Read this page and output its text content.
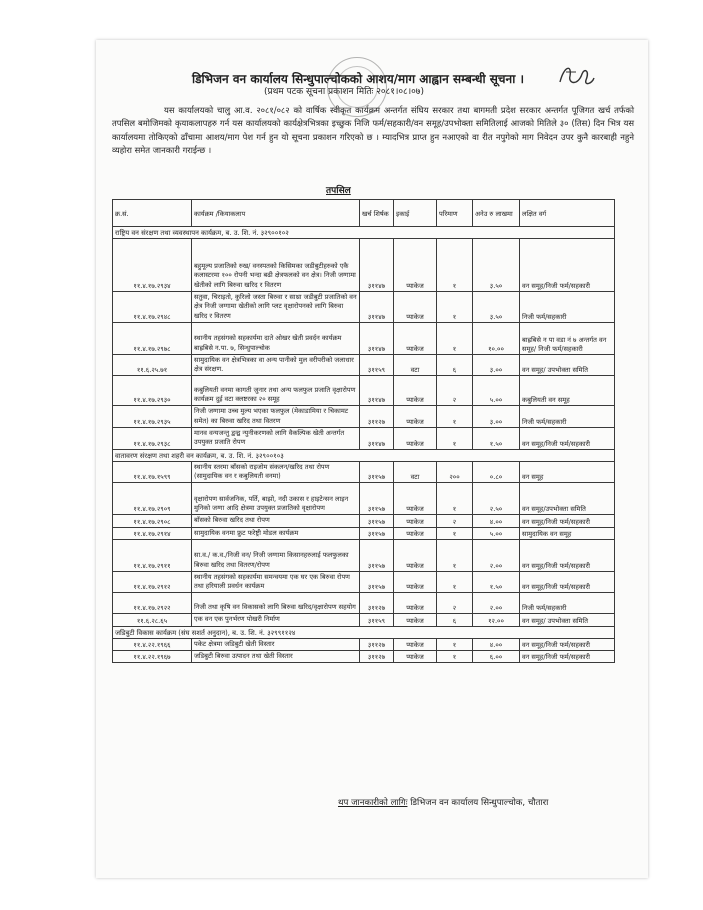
डिभिजन वन कार्यालय सिन्धुपाल्चोकको आशय/माग आह्वान सम्बन्धी सूचना ।
(प्रथम पटक सूचना प्रकाशन मितिः २०८१।०८।०७)
यस कार्यालयको चालु आ.व. २०८१/०८२ को वार्षिक स्वीकृत कार्यक्रम अन्तर्गत संघिय सरकार तथा बागमती प्रदेश सरकार अन्तर्गत पूजिगत खर्च तर्फको तपसिल बमोजिमको कृयाकलापहरु गर्न यस कार्यालयको कार्यक्षेत्रभित्रका इच्छुक निजि फर्म/सहकारी/वन समूह/उपभोक्ता समितिलाई आजको मितिले ३० (तिस) दिन भित्र यस कार्यालयमा तोकिएको ढाँचामा आशय/माग पेश गर्न हुन यो सूचना प्रकाशन गरिएको छ । म्यादभित्र प्राप्त हुन नआएको वा रीत नपुगेको माग निवेदन उपर कुनै कारबाही नहुने व्यहोरा समेत जानकारी गराईन्छ ।
तपसिल
क्र.सं.	कार्यक्रम /कियाकलाप	खर्च शिर्षक	इकाई	परिमाण	अनेउ रु लाखमा	लक्षित वर्ग
राष्ट्रिय वन संरक्षण तथा व्यवस्थापन कार्यक्रम, ब. उ. शि. नं. ३२९००१०२						
११.४.१७.२९३४	बहुमूल्य प्रजातिको रुख/ वनस्पतको किसिमका जडीबुटीहरुको एकै कलास्टरमा १०० रोपनी भन्दा बढी क्षेत्रफलको वन क्षेत्र। निजी जग्गामा खेतीको लागि बिरुवा खरिद र वितरण	३११४७	प्याकेज	१	३.५०	वन समूह/निजी फर्म/सहकारी
११.४.१७.२९४८	सतुवा, चिराइतो, कुरिलो जस्ता बिरुवा र साथ्रा जडीबुटी प्रजातिको वन क्षेत्र निजी जग्गामा खेतीको लागि प्लट वृक्षारोपनको लागि बिरुवा खरिद र वितरण	३११४७	प्याकेज	१	३.५०	निजी फर्म/सहकारी
११.४.१७.२९७८	स्थानीय तहसंगको सहकार्यमा दाते ओखर खेती प्रवर्दन कार्यक्रम बाह्रबिसे न.पा. ७, सिन्धुपाल्चोक	३११४७	प्याकेज	१	१०.००	बाह्रबिसे न पा वडा नं ७ अन्तर्गत वन समूह/ निजी फर्म/सहकारी
११.६.२५.७१	सामुदायिक वन क्षेत्रभित्रका वा अन्य पानीको मुल वरीपरीको जलाधार क्षेत्र संरक्षण.	३११५९	वटा	६	३.००	वन समूह/ उपभोक्ता समिति
११.४.१७.२९३०	कबुलियती वनमा कागती जुनार तथा अन्य फलफुल प्रजाति वृक्षारोपण कार्यक्रम दुई वटा क्लष्टरका २० समूह	३११४७	प्याकेज	२	५.००	कबुलियती वन समूह
११.४.१७.२९३५	निजी जग्गामा उच्च मुल्य भएका फलफुल (मेकाडामिया र चिकामट समेत) का बिरुवा खरिद तथा वितरण	३११२७	प्याकेज	१	३.००	निजी फर्म/सहकारी
११.४.१७.२९३८	मानव वन्यजन्तु द्वन्द्व न्युनीकरणको लागि वैकल्पिक खेती अन्तर्गत उपयुक्त प्रजाति रोपण	३११४७	प्याकेज	१	१.५०	वन समूह/निजी फर्म/सहकारी
वातावरण संरक्षण तथा शहरी वन कार्यक्रम, ब. उ. शि. नं. ३२९००१०३						
११.४.१७.१५९९	स्थानीय स्तरमा बाँसको राइजोम संकलन/खरिद तथा रोपण (सामुदायिक वन र कबुलियती वनमा)	३११५७	वटा	२००	०.८०	वन समूह
११.४.१७.२९०९	वृक्षारोपण सार्वजनिक, पर्ति, बाझो, नदी उकास र हाइटेन्सन लाइन मुनिको जग्गा आदि क्षेत्रमा उपयुक्त प्रजातिको वृक्षारोपण	३११५७	प्याकेज	१	२.५०	वन समूह/उपभोक्ता समिति
११.४.१७.२९०८	बाँसको बिरुवा खरिद तथा रोपण	३११५७	प्याकेज	२	४.००	वन समूह/निजी फर्म/सहकारी
११.४.१७.२९१४	सामुदायिक वनमा फ्रुट फरेष्ट्री मोडल कार्यक्रम	३११५७	प्याकेज	१	५.००	सामुदायिक वन समूह
११.४.१७.२९११	सा.व./ क.व./निजी वन/ निजी जग्गामा किसानहरुलाई फलफुलका बिरुवा खरिद तथा वितरण/रोपण	३११५७	प्याकेज	१	२.००	वन समूह/निजी फर्म/सहकारी
११.४.१७.२९१२	स्थानीय तहसंगको सहकार्यमा समन्वयमा एक घर एक बिरुवा रोपण तथा हरियाली प्रवर्धन कार्यक्रम	३११५७	प्याकेज	१	१.५०	वन समूह/निजी फर्म/सहकारी
११.४.१७.२९२२	निजी तथा कृषि वन विकासको लागि बिरुवा खरिद/वृक्षारोपण सहयोग	३११२७	प्याकेज	२	२.००	निजी फर्म/सहकारी
११.६.२८.६५	एक वन एक पुनर्भरण पोखरी निर्माण	३११५९	प्याकेज	६	१२.००	वन समूह/ उपभोक्ता समिति
जडिबुटी विकास कार्यक्रम (संघ सशर्त अनुदान), ब. उ. शि. नं. ३२९९११२४						
११.४.२२.१९६६	पकेट क्षेत्रमा जडिबुटी खेती विस्तार	३११२७	प्याकेज	१	४.००	वन समूह/निजी फर्म/सहकारी
११.४.२२.१९६७	जडिबुटी बिरुवा उत्पादन तथा खेती विस्तार	३११२७	प्याकेज	१	६.००	वन समूह/निजी फर्म/सहकारी
थप जानकारीको लागिः डिभिजन वन कार्यालय सिन्धुपाल्चोक, चौतारा
